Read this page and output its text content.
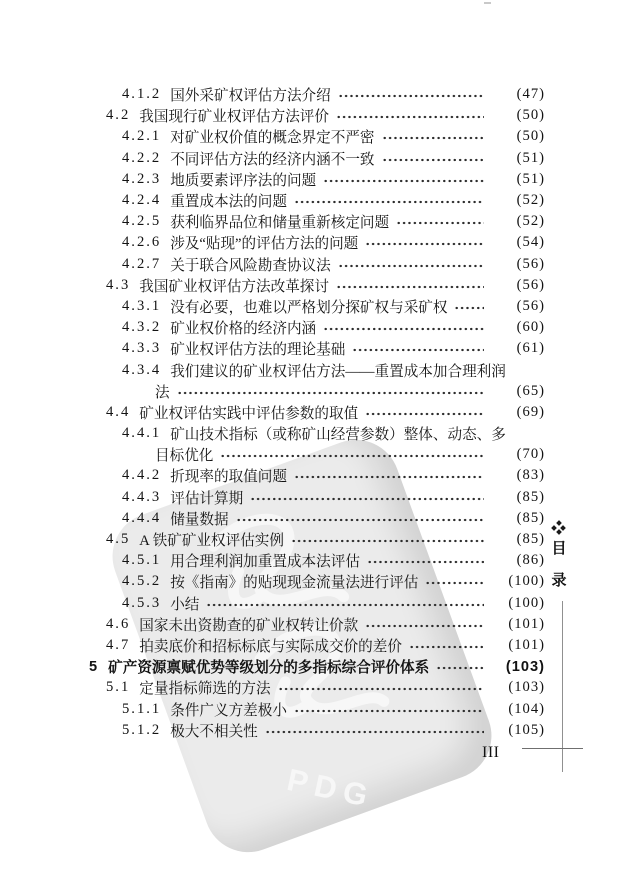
PDG
4.1.2 国外采矿权评估方法介绍	(47)
4.2 我国现行矿业权评估方法评价	(50)
4.2.1 对矿业权价值的概念界定不严密	(50)
4.2.2 不同评估方法的经济内涵不一致	(51)
4.2.3 地质要素评序法的问题	(51)
4.2.4 重置成本法的问题	(52)
4.2.5 获利临界品位和储量重新核定问题	(52)
4.2.6 涉及“贴现”的评估方法的问题	(54)
4.2.7 关于联合风险勘查协议法	(56)
4.3 我国矿业权评估方法改革探讨	(56)
4.3.1 没有必要，也难以严格划分探矿权与采矿权	(56)
4.3.2 矿业权价格的经济内涵	(60)
4.3.3 矿业权评估方法的理论基础	(61)
4.3.4 我们建议的矿业权评估方法——重置成本加合理利润
法	(65)
4.4 矿业权评估实践中评估参数的取值	(69)
4.4.1 矿山技术指标（或称矿山经营参数）整体、动态、多
目标优化	(70)
4.4.2 折现率的取值问题	(83)
4.4.3 评估计算期	(85)
4.4.4 储量数据	(85)
4.5 A 铁矿矿业权评估实例	(85)
4.5.1 用合理利润加重置成本法评估	(86)
4.5.2 按《指南》的贴现现金流量法进行评估	(100)
4.5.3 小结	(100)
4.6 国家未出资勘查的矿业权转让价款	(101)
4.7 拍卖底价和招标标底与实际成交价的差价	(101)
5 矿产资源禀赋优势等级划分的多指标综合评价体系	(103)
5.1 定量指标筛选的方法	(103)
5.1.1 条件广义方差极小	(104)
5.1.2 极大不相关性	(105)
目
录
III
